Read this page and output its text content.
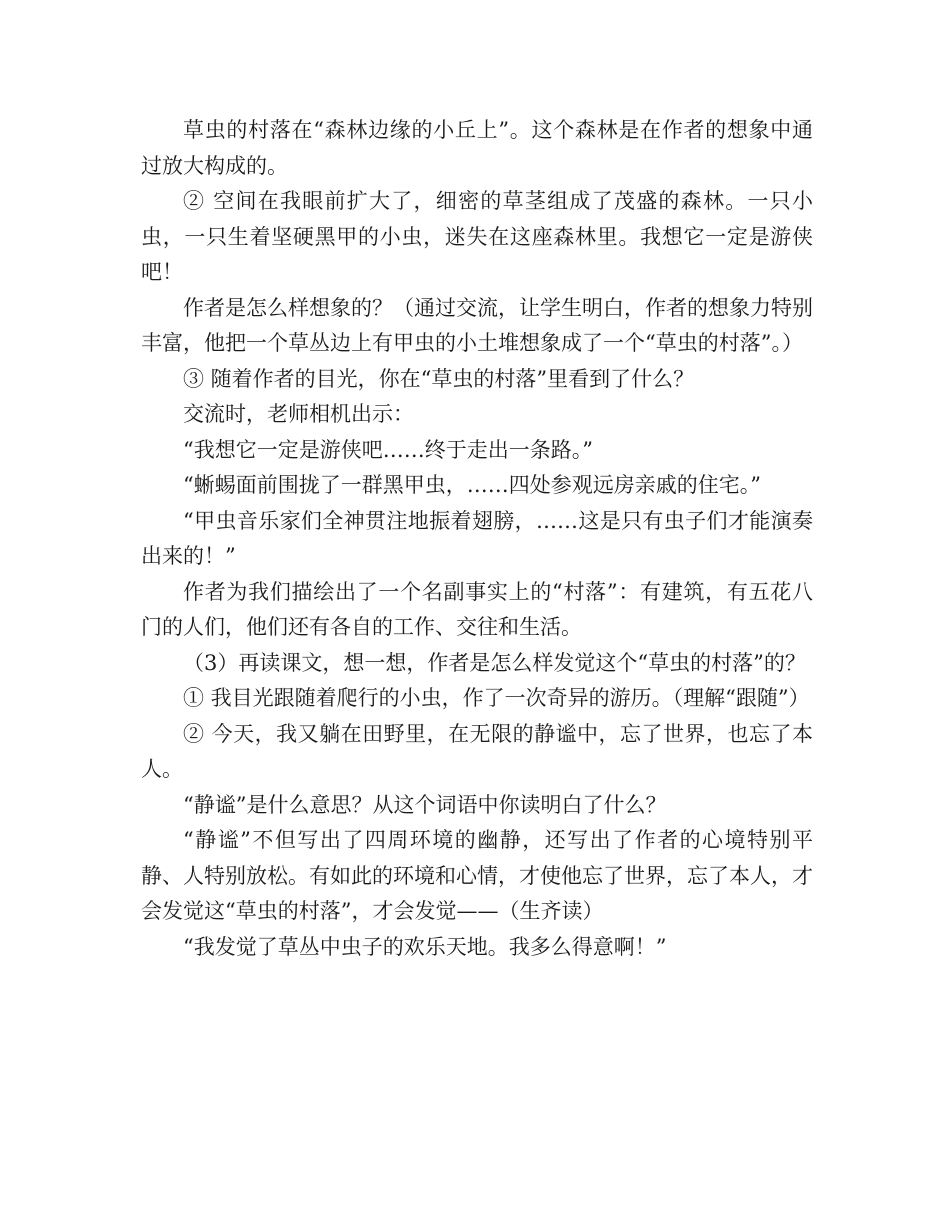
草虫的村落在“森林边缘的小丘上”。这个森林是在作者的想象中通过放大构成的。

② 空间在我眼前扩大了，细密的草茎组成了茂盛的森林。一只小虫，一只生着坚硬黑甲的小虫，迷失在这座森林里。我想它一定是游侠吧！

作者是怎么样想象的？（通过交流，让学生明白，作者的想象力特别丰富，他把一个草丛边上有甲虫的小土堆想象成了一个“草虫的村落”。）

③ 随着作者的目光，你在“草虫的村落”里看到了什么？

交流时，老师相机出示：

“我想它一定是游侠吧……终于走出一条路。”

“蜥蜴面前围拢了一群黑甲虫，……四处参观远房亲戚的住宅。”

“甲虫音乐家们全神贯注地振着翅膀，……这是只有虫子们才能演奏出来的！”

作者为我们描绘出了一个名副事实上的“村落”：有建筑，有五花八门的人们，他们还有各自的工作、交往和生活。

（3）再读课文，想一想，作者是怎么样发觉这个“草虫的村落”的？

① 我目光跟随着爬行的小虫，作了一次奇异的游历。（理解“跟随”）

② 今天，我又躺在田野里，在无限的静谧中，忘了世界，也忘了本人。

“静谧”是什么意思？从这个词语中你读明白了什么？

“静谧”不但写出了四周环境的幽静，还写出了作者的心境特别平静、人特别放松。有如此的环境和心情，才使他忘了世界，忘了本人，才会发觉这“草虫的村落”，才会发觉——（生齐读）

“我发觉了草丛中虫子的欢乐天地。我多么得意啊！”
